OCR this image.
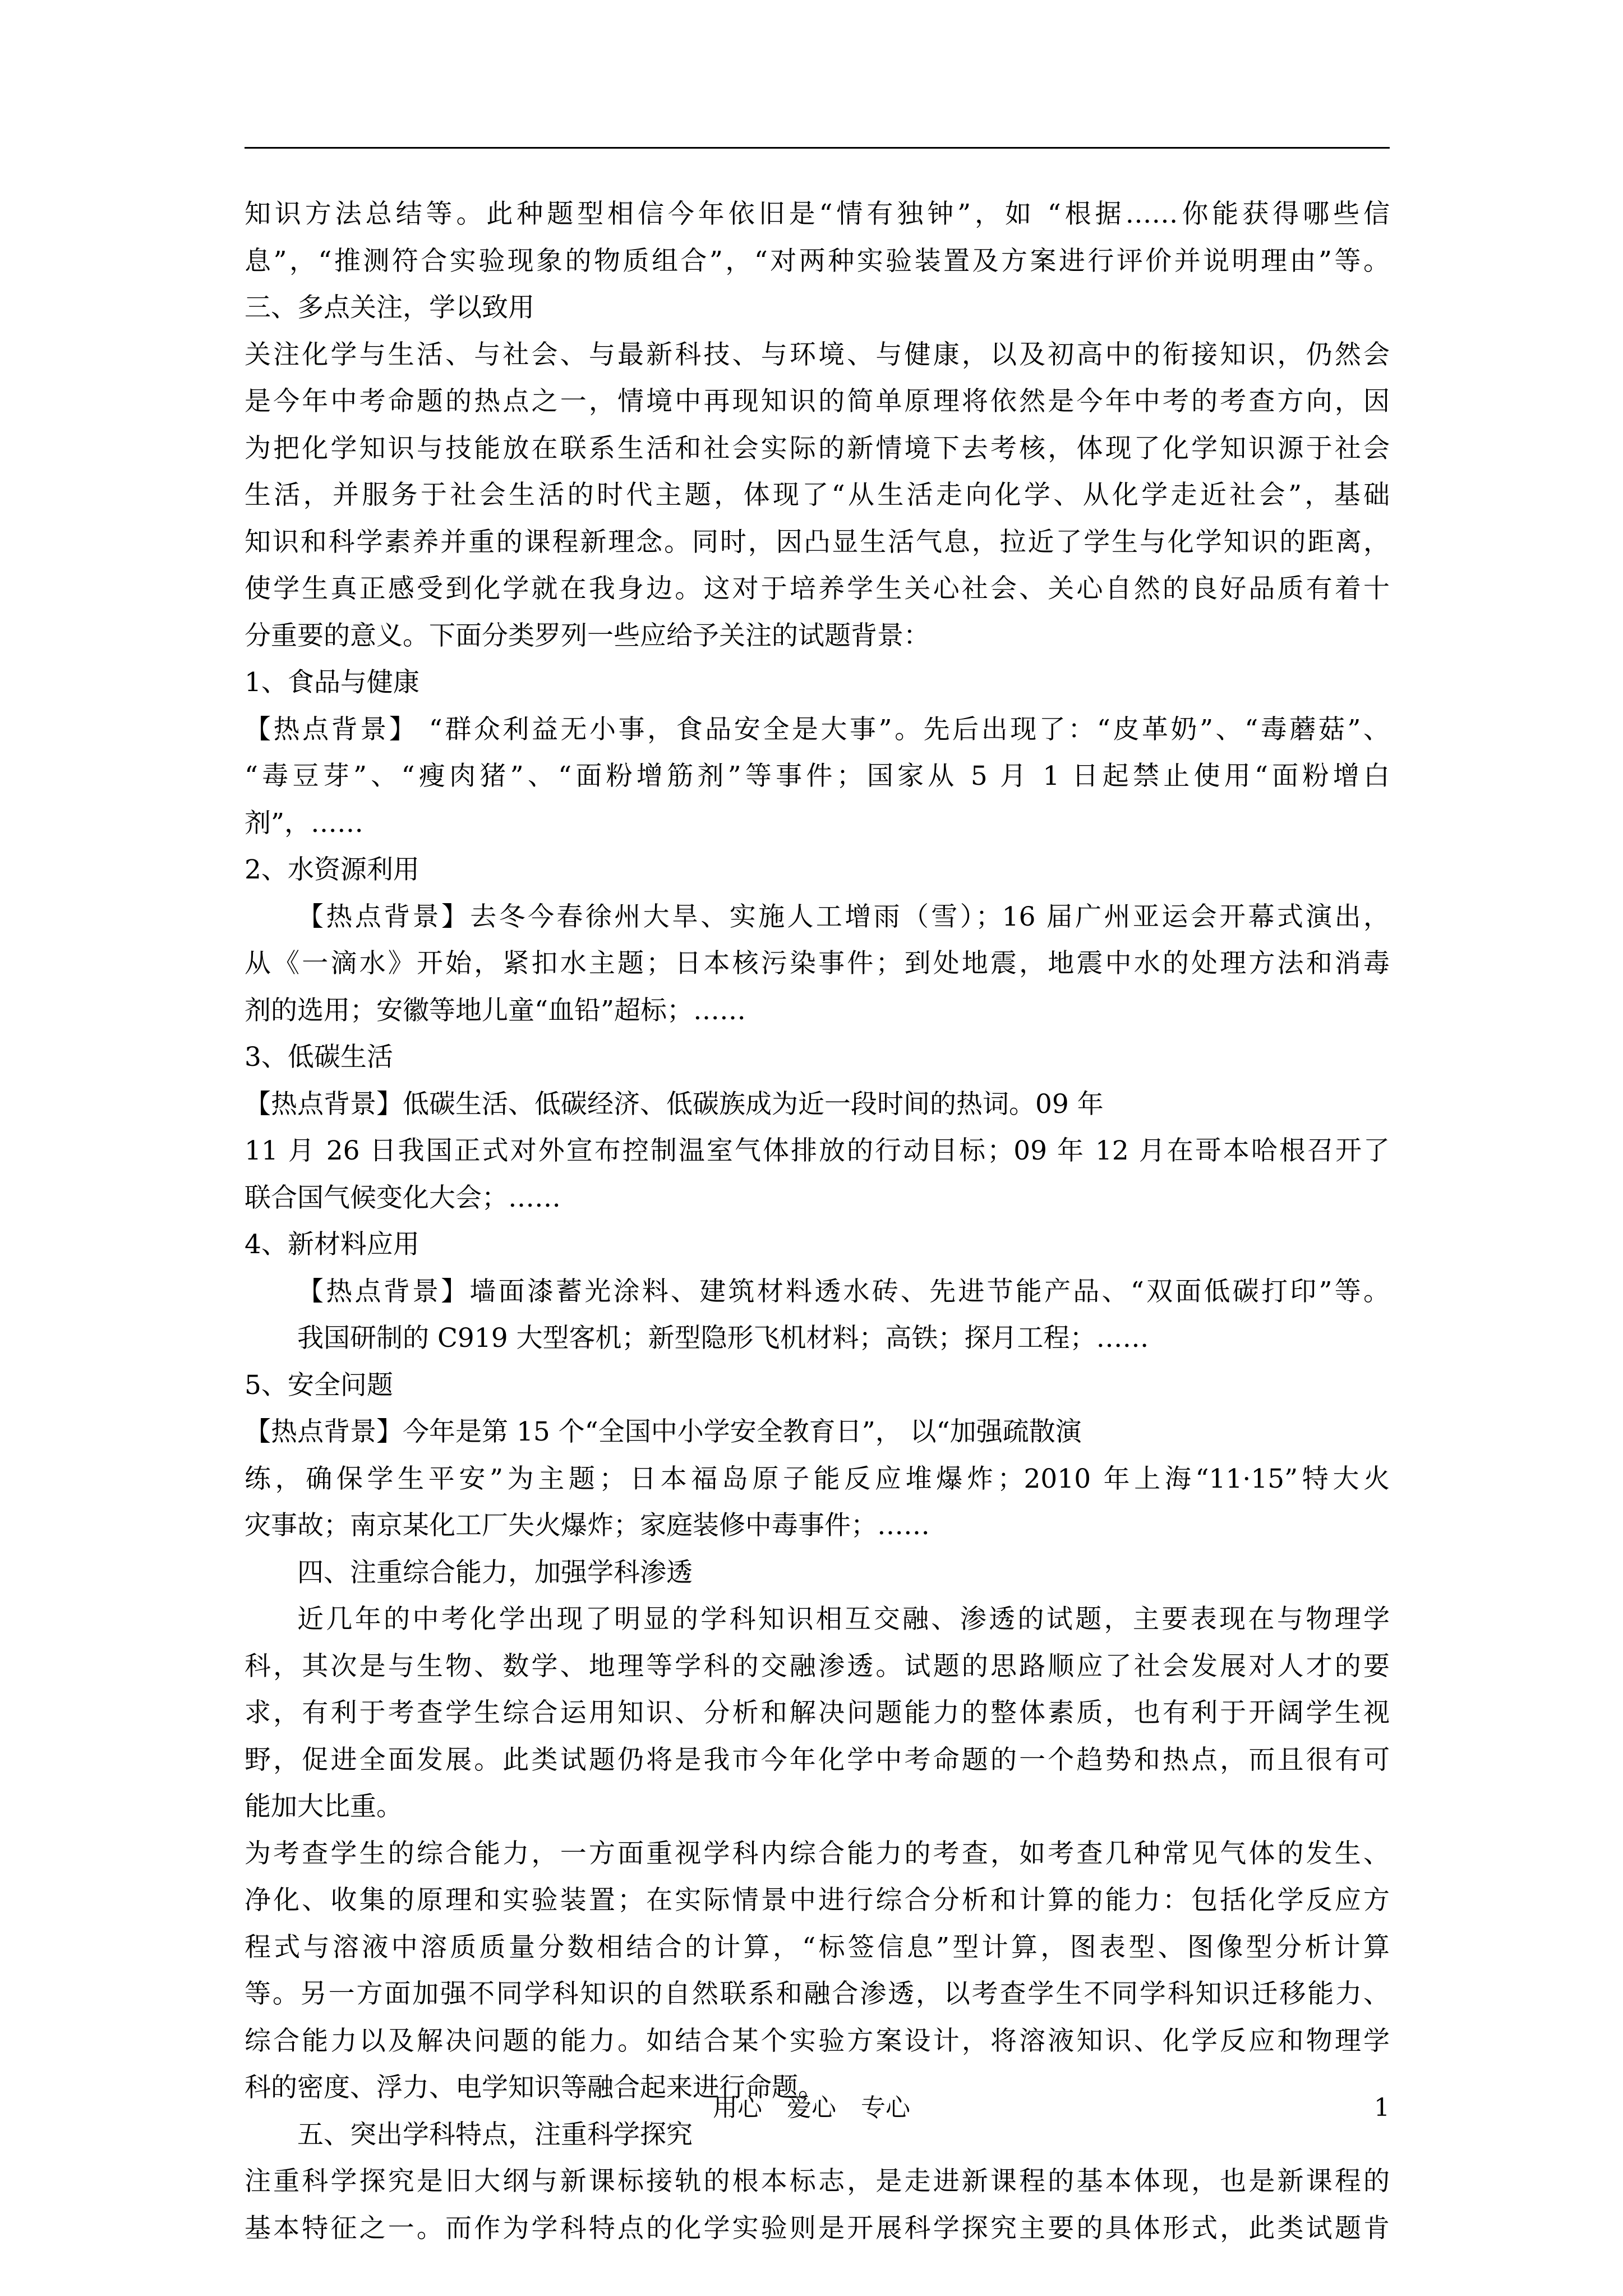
知识方法总结等。此种题型相信今年依旧是“情有独钟”，如 “根据……你能获得哪些信
息”，“推测符合实验现象的物质组合”，“对两种实验装置及方案进行评价并说明理由”等。
三、多点关注，学以致用
关注化学与生活、与社会、与最新科技、与环境、与健康，以及初高中的衔接知识，仍然会
是今年中考命题的热点之一，情境中再现知识的简单原理将依然是今年中考的考查方向，因
为把化学知识与技能放在联系生活和社会实际的新情境下去考核，体现了化学知识源于社会
生活，并服务于社会生活的时代主题，体现了“从生活走向化学、从化学走近社会”，基础
知识和科学素养并重的课程新理念。同时，因凸显生活气息，拉近了学生与化学知识的距离，
使学生真正感受到化学就在我身边。这对于培养学生关心社会、关心自然的良好品质有着十
分重要的意义。下面分类罗列一些应给予关注的试题背景：
1、食品与健康
【热点背景】 “群众利益无小事，食品安全是大事”。先后出现了：“皮革奶”、“毒蘑菇”、
“毒豆芽”、“瘦肉猪”、“面粉增筋剂”等事件；国家从 5 月 1 日起禁止使用“面粉增白
剂”，……
2、水资源利用
【热点背景】去冬今春徐州大旱、实施人工增雨（雪）；16 届广州亚运会开幕式演出，
从《一滴水》开始，紧扣水主题；日本核污染事件；到处地震，地震中水的处理方法和消毒
剂的选用；安徽等地儿童“血铅”超标；……
3、低碳生活
【热点背景】低碳生活、低碳经济、低碳族成为近一段时间的热词。09 年
11 月 26 日我国正式对外宣布控制温室气体排放的行动目标；09 年 12 月在哥本哈根召开了
联合国气候变化大会；……
4、新材料应用
【热点背景】墙面漆蓄光涂料、建筑材料透水砖、先进节能产品、“双面低碳打印”等。
我国研制的 C919 大型客机；新型隐形飞机材料；高铁；探月工程；……
5、安全问题
【热点背景】今年是第 15 个“全国中小学安全教育日”， 以“加强疏散演
练，确保学生平安”为主题；日本福岛原子能反应堆爆炸；2010 年上海“11·15”特大火
灾事故；南京某化工厂失火爆炸；家庭装修中毒事件；……
四、注重综合能力，加强学科渗透
近几年的中考化学出现了明显的学科知识相互交融、渗透的试题，主要表现在与物理学
科，其次是与生物、数学、地理等学科的交融渗透。试题的思路顺应了社会发展对人才的要
求，有利于考查学生综合运用知识、分析和解决问题能力的整体素质，也有利于开阔学生视
野，促进全面发展。此类试题仍将是我市今年化学中考命题的一个趋势和热点，而且很有可
能加大比重。
为考查学生的综合能力，一方面重视学科内综合能力的考查，如考查几种常见气体的发生、
净化、收集的原理和实验装置；在实际情景中进行综合分析和计算的能力：包括化学反应方
程式与溶液中溶质质量分数相结合的计算，“标签信息”型计算，图表型、图像型分析计算
等。另一方面加强不同学科知识的自然联系和融合渗透，以考查学生不同学科知识迁移能力、
综合能力以及解决问题的能力。如结合某个实验方案设计，将溶液知识、化学反应和物理学
科的密度、浮力、电学知识等融合起来进行命题。
五、突出学科特点，注重科学探究
注重科学探究是旧大纲与新课标接轨的根本标志，是走进新课程的基本体现，也是新课程的
基本特征之一。而作为学科特点的化学实验则是开展科学探究主要的具体形式，此类试题肯
用心 爱心 专心	1
